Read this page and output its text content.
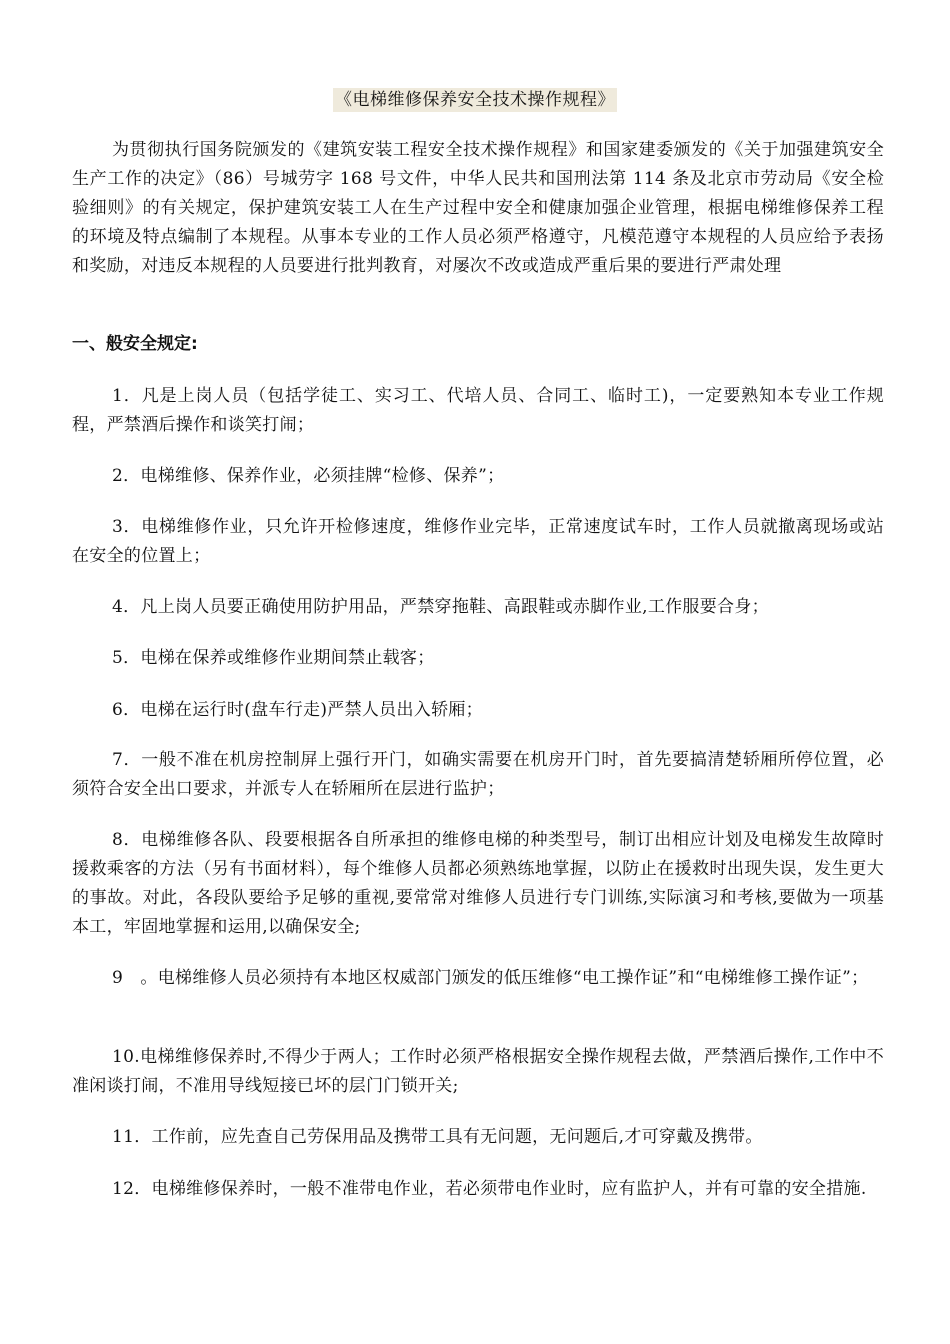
《电梯维修保养安全技术操作规程》

为贯彻执行国务院颁发的《建筑安装工程安全技术操作规程》和国家建委颁发的《关于加强建筑安全生产工作的决定》（86）号城劳字 168 号文件，中华人民共和国刑法第 114 条及北京市劳动局《安全检验细则》的有关规定，保护建筑安装工人在生产过程中安全和健康加强企业管理，根据电梯维修保养工程的环境及特点编制了本规程。从事本专业的工作人员必须严格遵守，凡模范遵守本规程的人员应给予表扬和奖励，对违反本规程的人员要进行批判教育，对屡次不改或造成严重后果的要进行严肃处理

一、般安全规定:

1．凡是上岗人员（包括学徒工、实习工、代培人员、合同工、临时工)，一定要熟知本专业工作规程，严禁酒后操作和谈笑打闹；

2．电梯维修、保养作业，必须挂牌“检修、保养”；

3．电梯维修作业，只允许开检修速度，维修作业完毕，正常速度试车时，工作人员就撤离现场或站在安全的位置上；

4．凡上岗人员要正确使用防护用品，严禁穿拖鞋、高跟鞋或赤脚作业,工作服要合身；

5．电梯在保养或维修作业期间禁止载客；

6．电梯在运行时(盘车行走)严禁人员出入轿厢；

7．一般不准在机房控制屏上强行开门，如确实需要在机房开门时，首先要搞清楚轿厢所停位置，必须符合安全出口要求，并派专人在轿厢所在层进行监护；

8．电梯维修各队、段要根据各自所承担的维修电梯的种类型号，制订出相应计划及电梯发生故障时援救乘客的方法（另有书面材料），每个维修人员都必须熟练地掌握，以防止在援救时出现失误，发生更大的事故。对此，各段队要给予足够的重视,要常常对维修人员进行专门训练,实际演习和考核,要做为一项基本工，牢固地掌握和运用,以确保安全;

9　。电梯维修人员必须持有本地区权威部门颁发的低压维修“电工操作证”和“电梯维修工操作证”；

10.电梯维修保养时,不得少于两人；工作时必须严格根据安全操作规程去做，严禁酒后操作,工作中不准闲谈打闹，不准用导线短接已坏的层门门锁开关;

11．工作前，应先查自己劳保用品及携带工具有无问题，无问题后,才可穿戴及携带。

12．电梯维修保养时，一般不准带电作业，若必须带电作业时，应有监护人，并有可靠的安全措施.
